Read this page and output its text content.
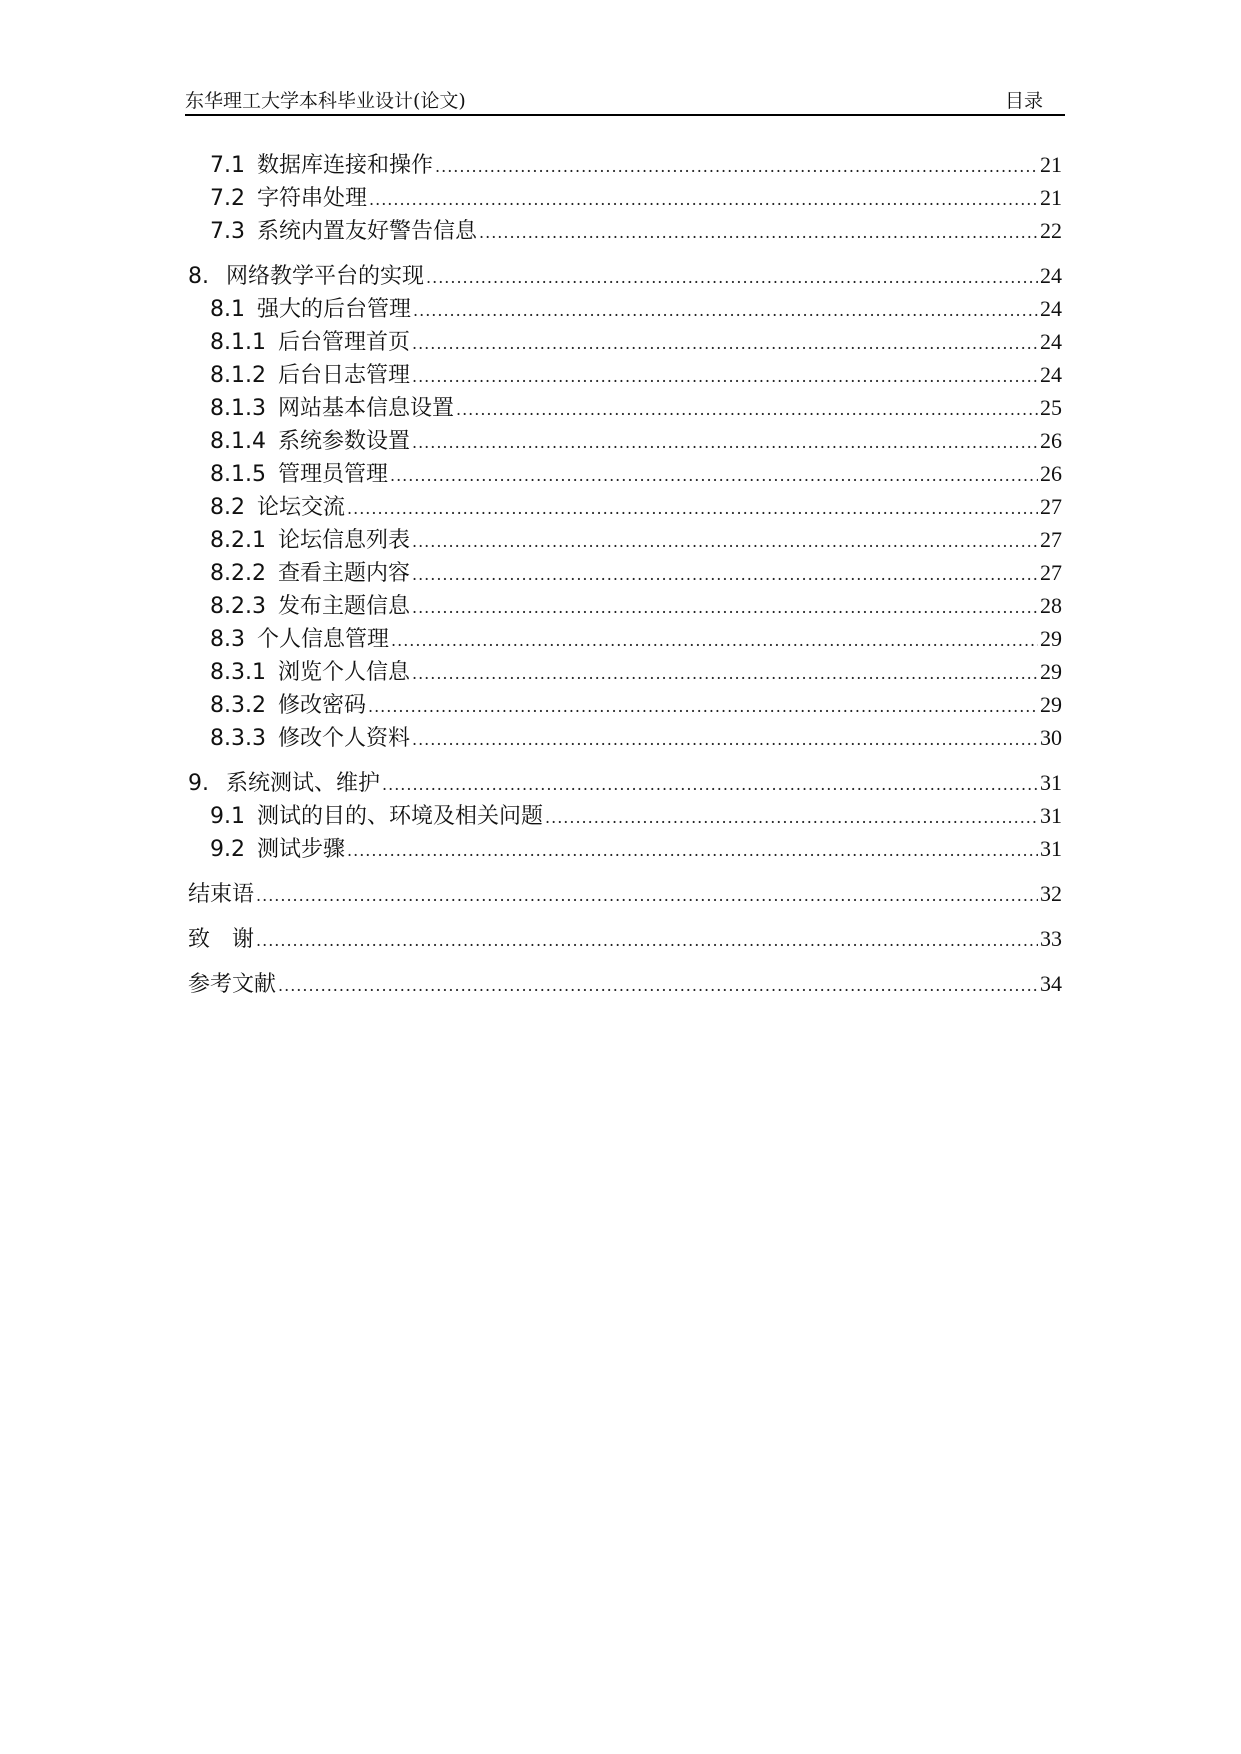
东华理工大学本科毕业设计(论文)	目录
7.1 数据库连接和操作 .....	21
7.2 字符串处理 .....	21
7.3 系统内置友好警告信息 .....	22
8. 网络教学平台的实现 .....	24
8.1 强大的后台管理 .....	24
8.1.1 后台管理首页 .....	24
8.1.2 后台日志管理 .....	24
8.1.3 网站基本信息设置 .....	25
8.1.4 系统参数设置 .....	26
8.1.5 管理员管理 .....	26
8.2 论坛交流 .....	27
8.2.1 论坛信息列表 .....	27
8.2.2 查看主题内容 .....	27
8.2.3 发布主题信息 .....	28
8.3 个人信息管理 .....	29
8.3.1 浏览个人信息 .....	29
8.3.2 修改密码 .....	29
8.3.3 修改个人资料 .....	30
9. 系统测试、维护 .....	31
9.1 测试的目的、环境及相关问题 .....	31
9.2 测试步骤 .....	31
结束语 .....	32
致　谢 .....	33
参考文献 .....	34
